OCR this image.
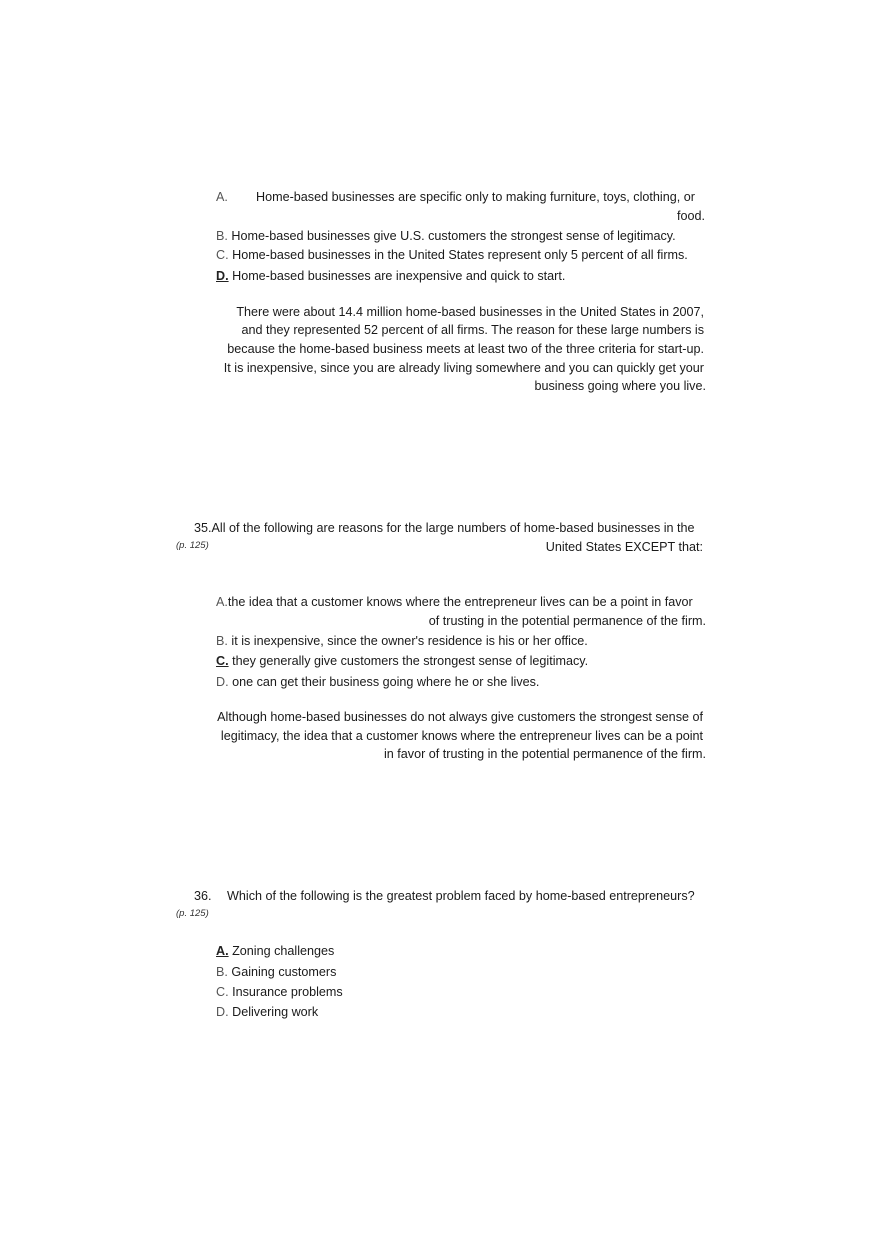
A. Home-based businesses are specific only to making furniture, toys, clothing, or
food.
B. Home-based businesses give U.S. customers the strongest sense of legitimacy.
C. Home-based businesses in the United States represent only 5 percent of all firms.
D. Home-based businesses are inexpensive and quick to start.
There were about 14.4 million home-based businesses in the United States in 2007,
and they represented 52 percent of all firms. The reason for these large numbers is
because the home-based business meets at least two of the three criteria for start-up.
It is inexpensive, since you are already living somewhere and you can quickly get your
business going where you live.
35.All of the following are reasons for the large numbers of home-based businesses in the
(p. 125)	United States EXCEPT that:
A.the idea that a customer knows where the entrepreneur lives can be a point in favor
of trusting in the potential permanence of the firm.
B. it is inexpensive, since the owner's residence is his or her office.
C. they generally give customers the strongest sense of legitimacy.
D. one can get their business going where he or she lives.
Although home-based businesses do not always give customers the strongest sense of
legitimacy, the idea that a customer knows where the entrepreneur lives can be a point
in favor of trusting in the potential permanence of the firm.
36. Which of the following is the greatest problem faced by home-based entrepreneurs?
(p. 125)
A. Zoning challenges
B. Gaining customers
C. Insurance problems
D. Delivering work
